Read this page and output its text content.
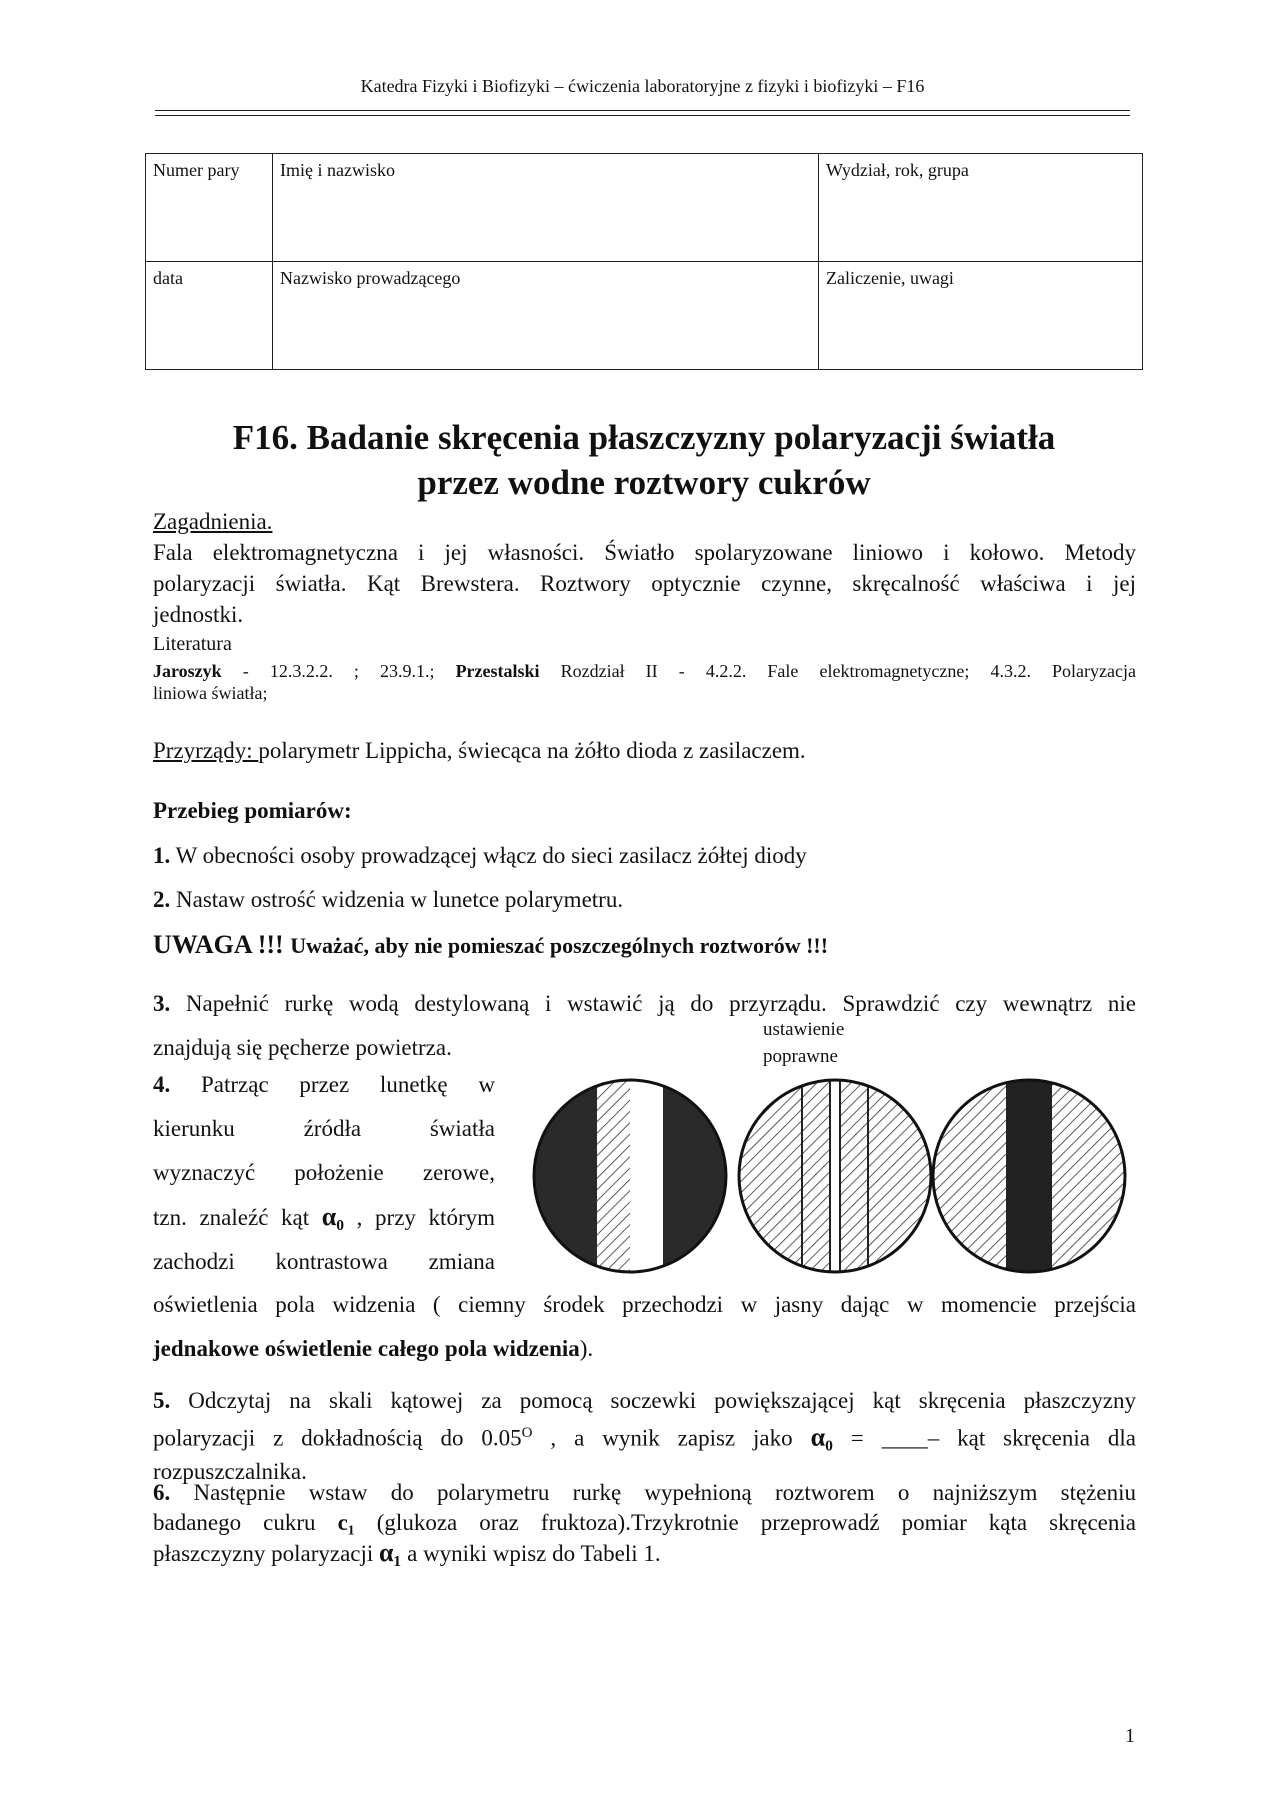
Katedra Fizyki i Biofizyki – ćwiczenia laboratoryjne z fizyki i biofizyki – F16
Numer pary	Imię i nazwisko	Wydział, rok, grupa
data	Nazwisko prowadzącego	Zaliczenie, uwagi
F16. Badanie skręcenia płaszczyzny polaryzacji światła
przez wodne roztwory cukrów
Zagadnienia.
Fala elektromagnetyczna i jej własności. Światło spolaryzowane liniowo i kołowo. Metody
polaryzacji światła. Kąt Brewstera. Roztwory optycznie czynne, skręcalność właściwa i jej
jednostki.
Literatura
Jaroszyk - 12.3.2.2. ; 23.9.1.; Przestalski Rozdział II - 4.2.2. Fale elektromagnetyczne; 4.3.2. Polaryzacja
liniowa światła;
Przyrządy: polarymetr Lippicha, świecąca na żółto dioda z zasilaczem.
Przebieg pomiarów:
1. W obecności osoby prowadzącej włącz do sieci zasilacz żółtej diody
2. Nastaw ostrość widzenia w lunetce polarymetru.
UWAGA !!! Uważać, aby nie pomieszać poszczególnych roztworów !!!
3. Napełnić rurkę wodą destylowaną i wstawić ją do przyrządu. Sprawdzić czy wewnątrz nie
znajdują się pęcherze powietrza.
ustawienie
poprawne
4. Patrząc przez lunetkę w
kierunku źródła światła
wyznaczyć położenie zerowe,
tzn. znaleźć kąt α₀ , przy którym
zachodzi kontrastowa zmiana
oświetlenia pola widzenia ( ciemny środek przechodzi w jasny dając w momencie przejścia
jednakowe oświetlenie całego pola widzenia).
5. Odczytaj na skali kątowej za pomocą soczewki powiększającej kąt skręcenia płaszczyzny
polaryzacji z dokładnością do $0.05^O$ , a wynik zapisz jako α₀ = ____– kąt skręcenia dla
rozpuszczalnika.
6. Następnie wstaw do polarymetru rurkę wypełnioną roztworem o najniższym stężeniu
badanego cukru c₁ (glukoza oraz fruktoza).Trzykrotnie przeprowadź pomiar kąta skręcenia
płaszczyzny polaryzacji α₁ a wyniki wpisz do Tabeli 1.
1
